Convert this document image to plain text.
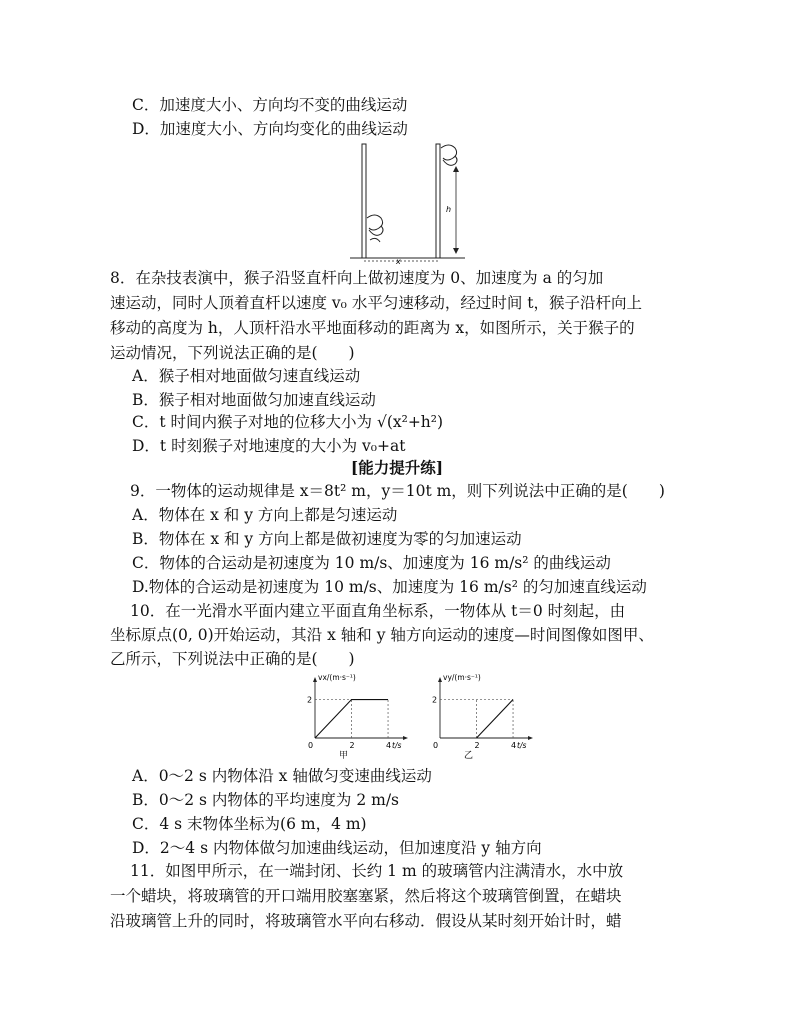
C．加速度大小、方向均不变的曲线运动
D．加速度大小、方向均变化的曲线运动
x
h
8．在杂技表演中，猴子沿竖直杆向上做初速度为 0、加速度为 a 的匀加
速运动，同时人顶着直杆以速度 v₀ 水平匀速移动，经过时间 t，猴子沿杆向上
移动的高度为 h，人顶杆沿水平地面移动的距离为 x，如图所示，关于猴子的
运动情况，下列说法正确的是(　　)
A．猴子相对地面做匀速直线运动
B．猴子相对地面做匀加速直线运动
C．t 时间内猴子对地的位移大小为 √(x²+h²)
D．t 时刻猴子对地速度的大小为 v₀+at
[能力提升练]
9．一物体的运动规律是 x＝8t² m，y＝10t m，则下列说法中正确的是(　　)
A．物体在 x 和 y 方向上都是匀速运动
B．物体在 x 和 y 方向上都是做初速度为零的匀加速运动
C．物体的合运动是初速度为 10 m/s、加速度为 16 m/s² 的曲线运动
D.物体的合运动是初速度为 10 m/s、加速度为 16 m/s² 的匀加速直线运动
10．在一光滑水平面内建立平面直角坐标系，一物体从 t＝0 时刻起，由
坐标原点(0, 0)开始运动，其沿 x 轴和 y 轴方向运动的速度—时间图像如图甲、
乙所示，下列说法中正确的是(　　)
0	2	4
2
t/s
vx/(m·s⁻¹)
甲
0	2	4
2
t/s
vy/(m·s⁻¹)
乙
A．0～2 s 内物体沿 x 轴做匀变速曲线运动
B．0～2 s 内物体的平均速度为 2 m/s
C．4 s 末物体坐标为(6 m，4 m)
D．2～4 s 内物体做匀加速曲线运动，但加速度沿 y 轴方向
11．如图甲所示，在一端封闭、长约 1 m 的玻璃管内注满清水，水中放
一个蜡块，将玻璃管的开口端用胶塞塞紧，然后将这个玻璃管倒置，在蜡块
沿玻璃管上升的同时，将玻璃管水平向右移动．假设从某时刻开始计时，蜡
